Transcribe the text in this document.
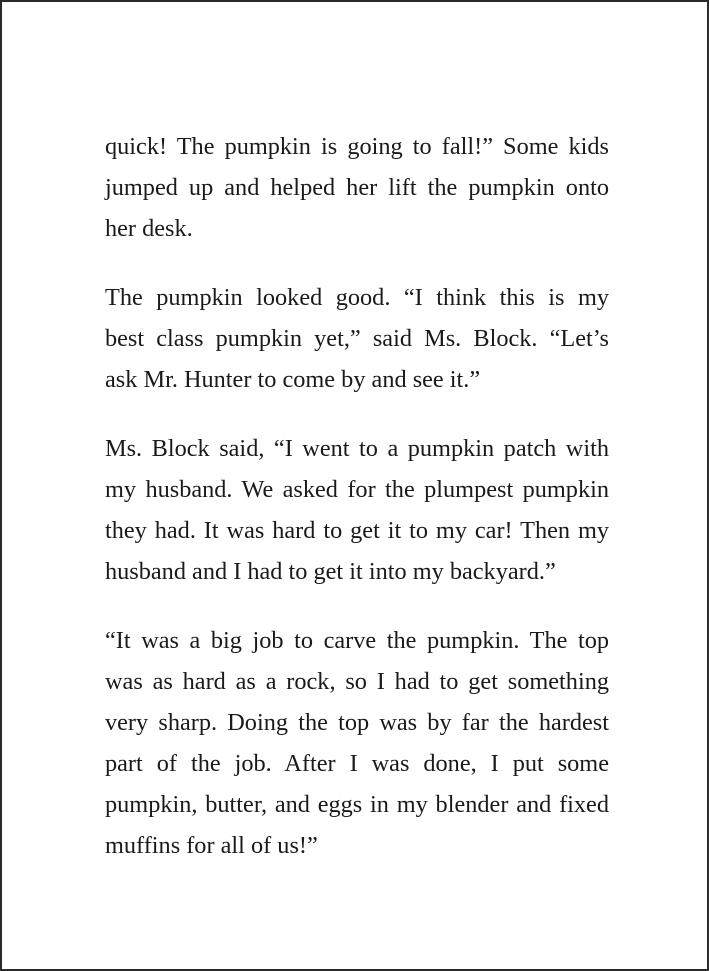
quick! The pumpkin is going to fall!” Some kids
jumped up and helped her lift the pumpkin onto
her desk.

The pumpkin looked good. “I think this is my
best class pumpkin yet,” said Ms. Block. “Let’s
ask Mr. Hunter to come by and see it.”

Ms. Block said, “I went to a pumpkin patch with
my husband. We asked for the plumpest pumpkin
they had. It was hard to get it to my car! Then my
husband and I had to get it into my backyard.”

“It was a big job to carve the pumpkin. The top
was as hard as a rock, so I had to get something
very sharp. Doing the top was by far the hardest
part of the job. After I was done, I put some
pumpkin, butter, and eggs in my blender and fixed
muffins for all of us!”
